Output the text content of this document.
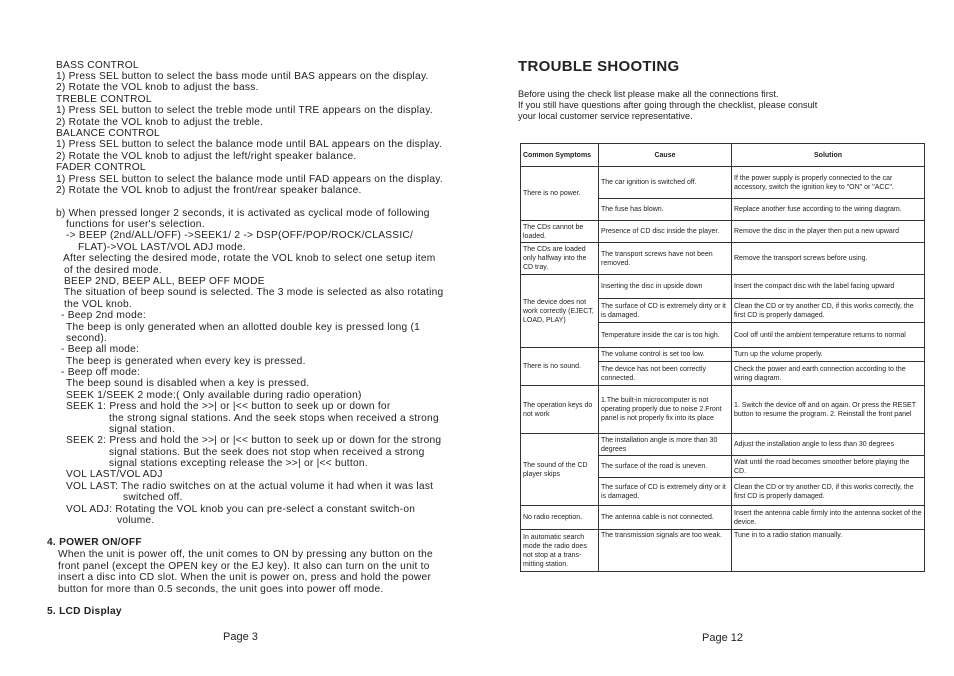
BASS CONTROL
1) Press SEL button to select the bass mode until BAS appears on the display.
2) Rotate the VOL knob to adjust the bass.
TREBLE CONTROL
1) Press SEL button to select the treble mode until TRE appears on the display.
2) Rotate the VOL knob to adjust the treble.
BALANCE CONTROL
1) Press SEL button to select the balance mode until BAL appears on the display.
2) Rotate the VOL knob to adjust the left/right speaker balance.
FADER CONTROL
1) Press SEL button to select the balance mode until FAD appears on the display.
2) Rotate the VOL knob to adjust the front/rear speaker balance.
b) When pressed longer 2 seconds, it is activated as cyclical mode of following
functions for user's selection.
-> BEEP (2nd/ALL/OFF) ->SEEK1/ 2 -> DSP(OFF/POP/ROCK/CLASSIC/
FLAT)->VOL LAST/VOL ADJ mode.
After selecting the desired mode, rotate the VOL knob to select one setup item
of the desired mode.
BEEP 2ND, BEEP ALL, BEEP OFF MODE
The situation of beep sound is selected. The 3 mode is selected as also rotating
the VOL knob.
- Beep 2nd mode:
The beep is only generated when an allotted double key is pressed long (1
second).
- Beep all mode:
The beep is generated when every key is pressed.
- Beep off mode:
The beep sound is disabled when a key is pressed.
SEEK 1/SEEK 2 mode:( Only available during radio operation)
SEEK 1: Press and hold the >>| or |<< button to seek up or down for
the strong signal stations. And the seek stops when received a strong
signal station.
SEEK 2: Press and hold the >>| or |<< button to seek up or down for the strong
signal stations. But the seek does not stop when received a strong
signal stations excepting release the >>| or |<< button.
VOL LAST/VOL ADJ
VOL LAST: The radio switches on at the actual volume it had when it was last
switched off.
VOL ADJ: Rotating the VOL knob you can pre-select a constant switch-on
volume.
4. POWER ON/OFF
When the unit is power off, the unit comes to ON by pressing any button on the
front panel (except the OPEN key or the EJ key). It also can turn on the unit to
insert a disc into CD slot. When the unit is power on, press and hold the power
button for more than 0.5 seconds, the unit goes into power off mode.
5. LCD Display
Page 3
TROUBLE SHOOTING
Before using the check list please make all the connections first.
If you still have questions after going through the checklist, please consult
your local customer service representative.
Common Symptoms	Cause	Solution
There is no power.	The car ignition is switched off.	If the power supply is properly connected to the car accessory, switch the ignition key to "ON" or "ACC".
	The fuse has blown.	Replace another fuse according to the wiring diagram.
The CDs cannot be loaded.	Presence of CD disc inside the player.	Remove the disc in the player then put a new upward
The CDs are loaded only halfway into the CD tray.	The transport screws have not been removed.	Remove the transport screws before using.
The device does not work correctly (EJECT, LOAD, PLAY)	Inserting the disc in upside down	Insert the compact disc with the label facing upward
	The surface of CD is extremely dirty or it is damaged.	Clean the CD or try another CD, if this works correctly, the first CD is properly damaged.
	Temperature inside the car is too high.	Cool off until the ambient temperature returns to normal
There is no sound.	The volume control is set too low.	Turn up the volume properly.
	The device has not been correctly connected.	Check the power and earth connection according to the wiring diagram.
The operation keys do not work	1.The built-in microcomputer is not operating properly due to noise 2.Front panel is not properly fix into its place	1. Switch the device off and on again. Or press the RESET button to resume the program. 2. Reinstall the front panel
The sound of the CD player skips	The installation angle is more than 30 degrees	Adjust the installation angle to less than 30 degrees
	The surface of the road is uneven.	Wait until the road becomes smoother before playing the CD.
	The surface of CD is extremely dirty or it is damaged.	Clean the CD or try another CD, if this works correctly, the first CD is properly damaged.
No radio reception.	The antenna cable is not connected.	Insert the antenna cable firmly into the antenna socket of the device.
In automatic search mode the radio does not stop at a trans-mitting station.	The transmission signals are too weak.	Tune in to a radio station manually.
Page 12
